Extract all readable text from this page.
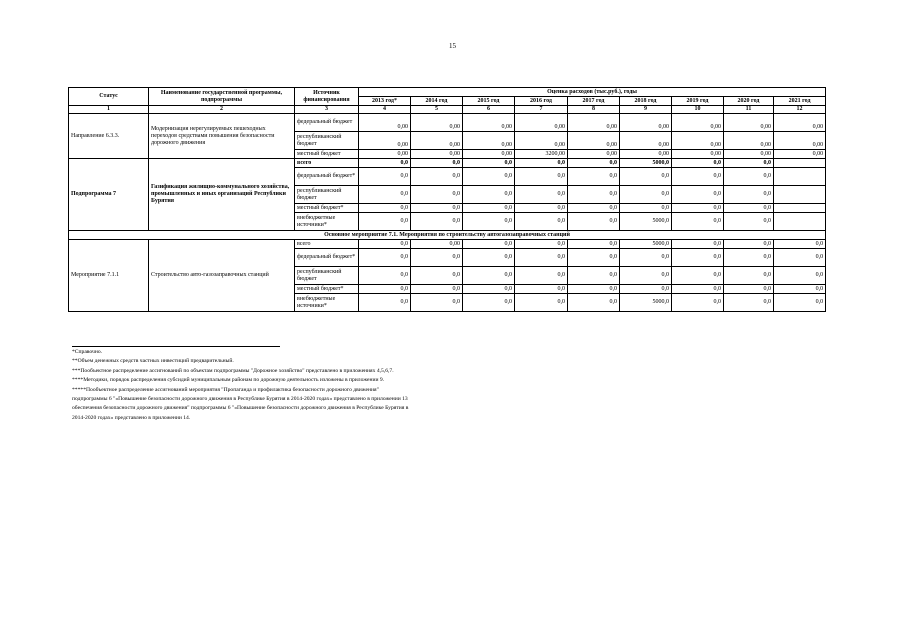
15
Статус	Наименование государственной программы, подпрограммы	Источник финансирования	Оценка расходов (тыс.руб.), годы								
			2013 год*	2014 год	2015 год	2016 год	2017 год	2018 год	2019 год	2020 год	2021 год
1	2	3	4	5	6	7	8	9	10	11	12
Направление 6.3.3.	Модернизация нерегулируемых пешеходных переходов средствами повышения безопасности дорожного движения	федеральный бюджет	0,00	0,00	0,00	0,00	0,00	0,00	0,00	0,00	0,00
		республиканский бюджет	0,00	0,00	0,00	0,00	0,00	0,00	0,00	0,00	0,00
		местный бюджет	0,00	0,00	0,00	3200,00	0,00	0,00	0,00	0,00	0,00
Подпрограмма 7	Газификация жилищно-коммунального хозяйства, промышленных и иных организаций Республики Бурятия	всего	0,0	0,0	0,0	0,0	0,0	5000,0	0,0	0,0	
		федеральный бюджет*	0,0	0,0	0,0	0,0	0,0	0,0	0,0	0,0	
		республиканский бюджет	0,0	0,0	0,0	0,0	0,0	0,0	0,0	0,0	
		местный бюджет*	0,0	0,0	0,0	0,0	0,0	0,0	0,0	0,0	
		внебюджетные источники*	0,0	0,0	0,0	0,0	0,0	5000,0	0,0	0,0	
Основное мероприятие 7.1. Мероприятия по строительству автогазозаправочных станций											
Мероприятие 7.1.1	Строительство авто-газозаправочных станций	всего	0,0	0,00	0,0	0,0	0,0	5000,0	0,0	0,0	0,0
		федеральный бюджет*	0,0	0,0	0,0	0,0	0,0	0,0	0,0	0,0	0,0
		республиканский бюджет	0,0	0,0	0,0	0,0	0,0	0,0	0,0	0,0	0,0
		местный бюджет*	0,0	0,0	0,0	0,0	0,0	0,0	0,0	0,0	0,0
		внебюджетные источники*	0,0	0,0	0,0	0,0	0,0	5000,0	0,0	0,0	0,0
*Справочно.
**Объем денежных средств частных инвестиций предварительный.
***Пообъектное распределение ассигнований по объектам подпрограммы "Дорожное хозяйство" представлено в приложениях 4,5,6,7.
****Методики, порядок распределения субсидий муниципальным районам по дорожную деятельность изложены в приложении 9.
*****Пообъектное распределение ассигнований мероприятия "Пропаганда и профилактика безопасности дорожного движения"
подпрограммы 6 "«Повышение безопасности дорожного движения в Республике Бурятия в 2014-2020 годах» представлено в приложении 13
обеспечения безопасности дорожного движения" подпрограммы 6 "«Повышение безопасности дорожного движения в Республике Бурятия в
2014-2020 годах» представлено в приложении 14.
